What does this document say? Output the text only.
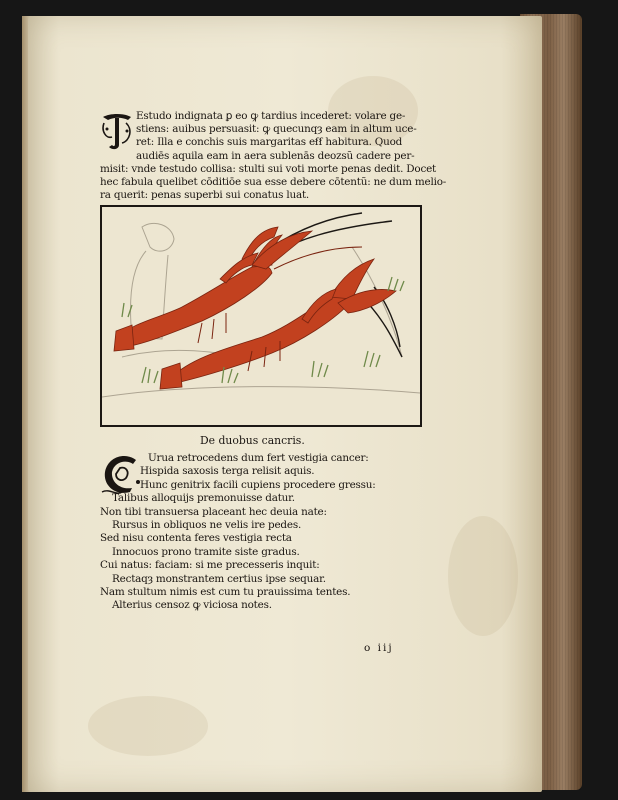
Estudo indignata ꝑ eo ꝙ tardius incederet: volare ge-
stiens: auibus persuasit: ꝙ quecunqȝ eam in altum uce-
ret: Illa e conchis suis margaritas eẜẜ habitura. Quod
audiēs aquila eam in aera sublenās deozsũ cadere per-
misit: vnde testudo collisa: stulti sui voti morte penas dedit. Docet
hec fabula quelibet cōditiōe sua esse debere cōtentũ: ne dum melio-
ra querit: penas superbi sui conatus luat.
De duobus cancris.
Urua retrocedens dum fert vestigia cancer:
Hispida saxosis terga relisit aquis.
Hunc genitrix facili cupiens procedere gressu:
Talibus alloquijs premonuisse datur.
Non tibi transuersa placeant hec deuia nate:
Rursus in obliquos ne velis ire pedes.
Sed nisu contenta feres vestigia recta
Innocuos prono tramite siste gradus.
Cui natus: faciam: si me precesseris inquit:
Rectaqȝ monstrantem certius ipse sequar.
Nam stultum nimis est cum tu prauissima tentes.
Alterius censoz ꝙ viciosa notes.
o iij
